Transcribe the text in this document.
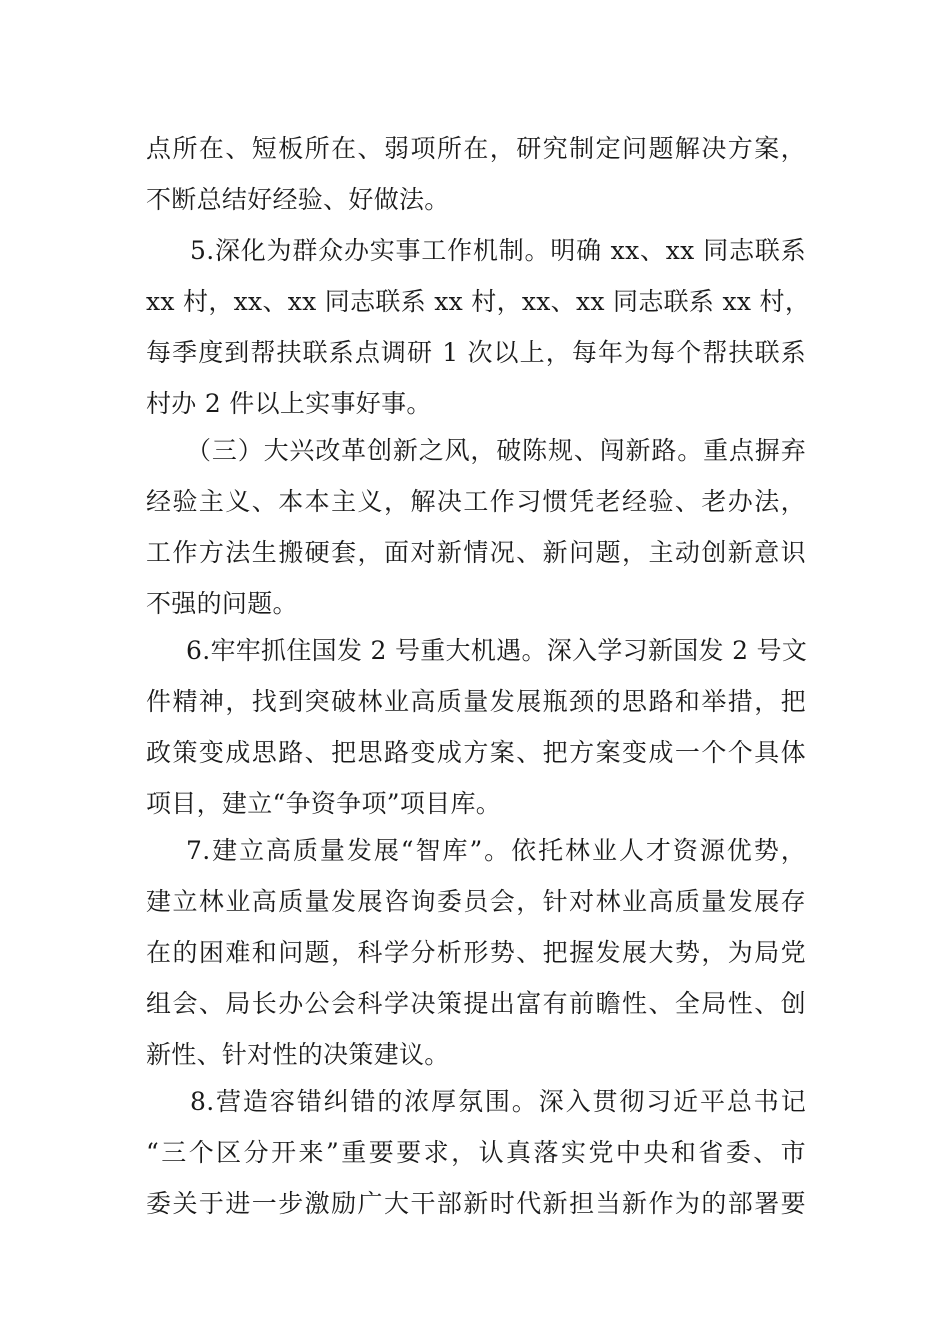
点所在、短板所在、弱项所在，研究制定问题解决方案，
不断总结好经验、好做法。
5.深化为群众办实事工作机制。明确 xx、xx 同志联系
xx 村，xx、xx 同志联系 xx 村，xx、xx 同志联系 xx 村，
每季度到帮扶联系点调研 1 次以上，每年为每个帮扶联系
村办 2 件以上实事好事。
（三）大兴改革创新之风，破陈规、闯新路。重点摒弃
经验主义、本本主义，解决工作习惯凭老经验、老办法，
工作方法生搬硬套，面对新情况、新问题，主动创新意识
不强的问题。
6.牢牢抓住国发 2 号重大机遇。深入学习新国发 2 号文
件精神，找到突破林业高质量发展瓶颈的思路和举措，把
政策变成思路、把思路变成方案、把方案变成一个个具体
项目，建立“争资争项”项目库。
7.建立高质量发展“智库”。依托林业人才资源优势，
建立林业高质量发展咨询委员会，针对林业高质量发展存
在的困难和问题，科学分析形势、把握发展大势，为局党
组会、局长办公会科学决策提出富有前瞻性、全局性、创
新性、针对性的决策建议。
8.营造容错纠错的浓厚氛围。深入贯彻习近平总书记
“三个区分开来”重要要求，认真落实党中央和省委、市
委关于进一步激励广大干部新时代新担当新作为的部署要
